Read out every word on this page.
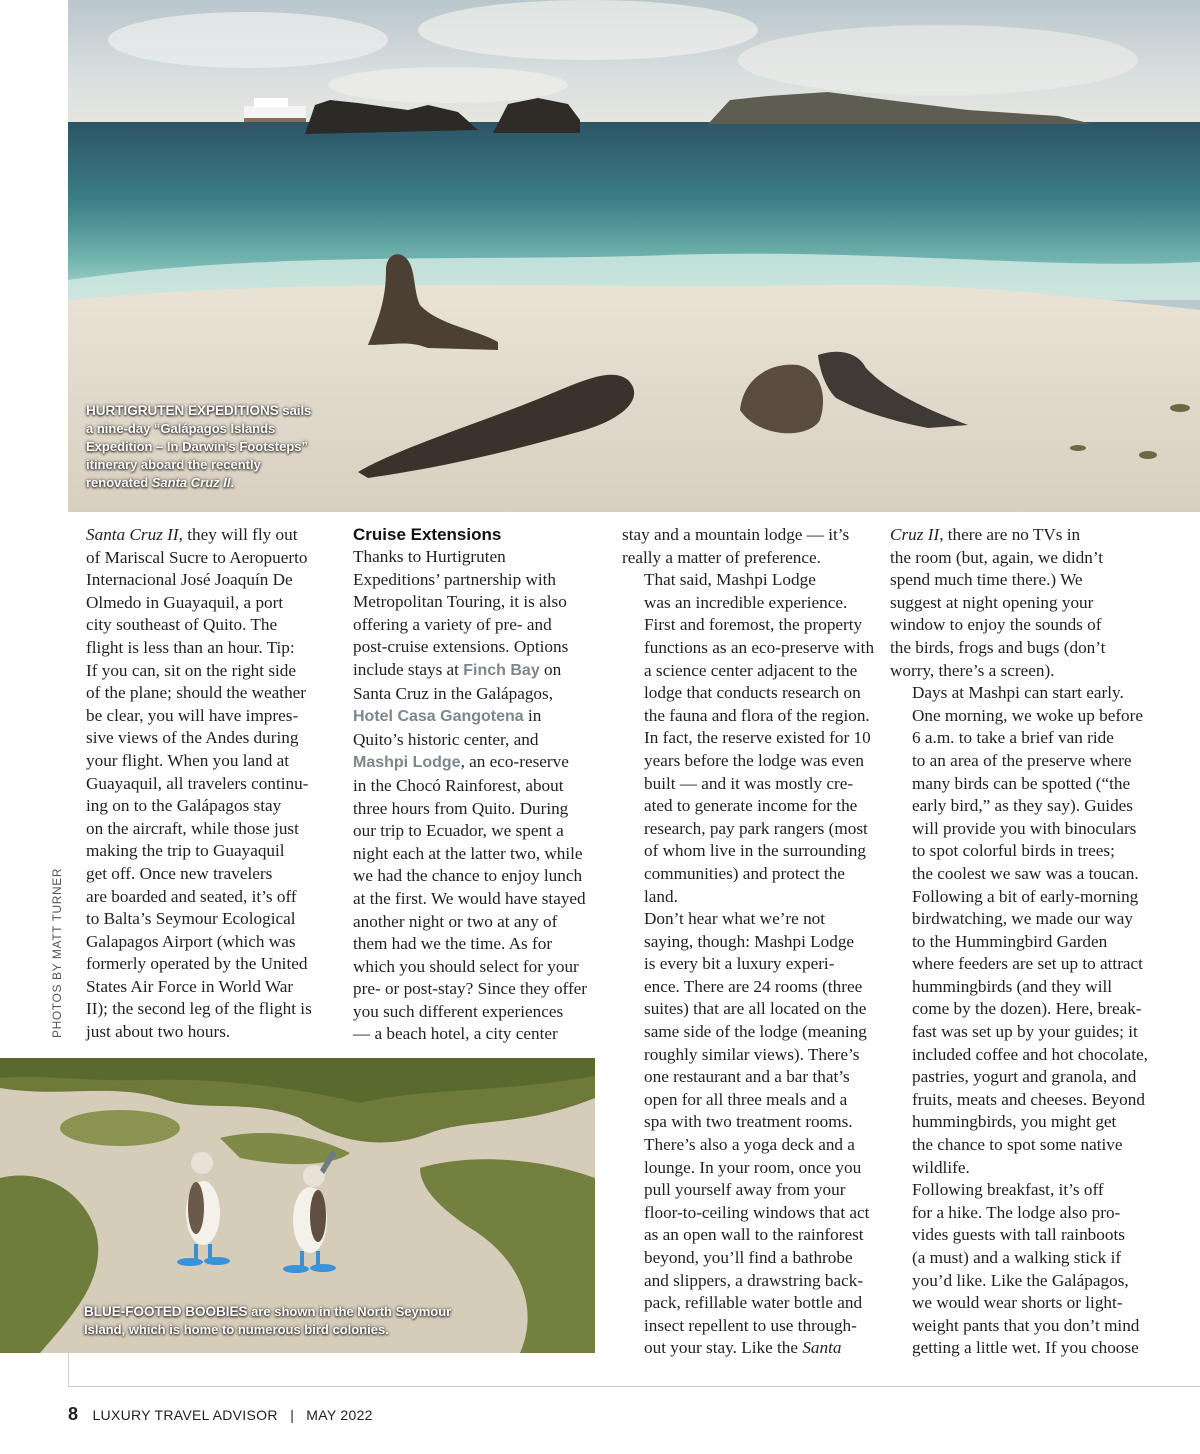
HURTIGRUTEN EXPEDITIONS sails
a nine-day “Galápagos Islands
Expedition – In Darwin’s Footsteps”
itinerary aboard the recently
renovated Santa Cruz II.
PHOTOS BY MATT TURNER

Santa Cruz II, they will fly out
of Mariscal Sucre to Aeropuerto
Internacional José Joaquín De
Olmedo in Guayaquil, a port
city southeast of Quito. The
flight is less than an hour. Tip:
If you can, sit on the right side
of the plane; should the weather
be clear, you will have impres-
sive views of the Andes during
your flight. When you land at
Guayaquil, all travelers continu-
ing on to the Galápagos stay
on the aircraft, while those just
making the trip to Guayaquil
get off. Once new travelers
are boarded and seated, it’s off
to Balta’s Seymour Ecological
Galapagos Airport (which was
formerly operated by the United
States Air Force in World War
II); the second leg of the flight is
just about two hours.

Cruise Extensions

Thanks to Hurtigruten
Expeditions’ partnership with
Metropolitan Touring, it is also
offering a variety of pre- and
post-cruise extensions. Options
include stays at Finch Bay on
Santa Cruz in the Galápagos,
Hotel Casa Gangotena in
Quito’s historic center, and
Mashpi Lodge, an eco-reserve
in the Chocó Rainforest, about
three hours from Quito. During
our trip to Ecuador, we spent a
night each at the latter two, while
we had the chance to enjoy lunch
at the first. We would have stayed
another night or two at any of
them had we the time. As for
which you should select for your
pre- or post-stay? Since they offer
you such different experiences
— a beach hotel, a city center

stay and a mountain lodge — it’s
really a matter of preference.

That said, Mashpi Lodge
was an incredible experience.
First and foremost, the property
functions as an eco-preserve with
a science center adjacent to the
lodge that conducts research on
the fauna and flora of the region.
In fact, the reserve existed for 10
years before the lodge was even
built — and it was mostly cre-
ated to generate income for the
research, pay park rangers (most
of whom live in the surrounding
communities) and protect the
land.

Don’t hear what we’re not
saying, though: Mashpi Lodge
is every bit a luxury experi-
ence. There are 24 rooms (three
suites) that are all located on the
same side of the lodge (meaning
roughly similar views). There’s
one restaurant and a bar that’s
open for all three meals and a
spa with two treatment rooms.
There’s also a yoga deck and a
lounge. In your room, once you
pull yourself away from your
floor-to-ceiling windows that act
as an open wall to the rainforest
beyond, you’ll find a bathrobe
and slippers, a drawstring back-
pack, refillable water bottle and
insect repellent to use through-
out your stay. Like the Santa

Cruz II, there are no TVs in
the room (but, again, we didn’t
spend much time there.) We
suggest at night opening your
window to enjoy the sounds of
the birds, frogs and bugs (don’t
worry, there’s a screen).

Days at Mashpi can start early.
One morning, we woke up before
6 a.m. to take a brief van ride
to an area of the preserve where
many birds can be spotted (“the
early bird,” as they say). Guides
will provide you with binoculars
to spot colorful birds in trees;
the coolest we saw was a toucan.
Following a bit of early-morning
birdwatching, we made our way
to the Hummingbird Garden
where feeders are set up to attract
hummingbirds (and they will
come by the dozen). Here, break-
fast was set up by your guides; it
included coffee and hot chocolate,
pastries, yogurt and granola, and
fruits, meats and cheeses. Beyond
hummingbirds, you might get
the chance to spot some native
wildlife.

Following breakfast, it’s off
for a hike. The lodge also pro-
vides guests with tall rainboots
(a must) and a walking stick if
you’d like. Like the Galápagos,
we would wear shorts or light-
weight pants that you don’t mind
getting a little wet. If you choose

BLUE-FOOTED BOOBIES are shown in the North Seymour
Island, which is home to numerous bird colonies.
8 LUXURY TRAVEL ADVISOR | MAY 2022
